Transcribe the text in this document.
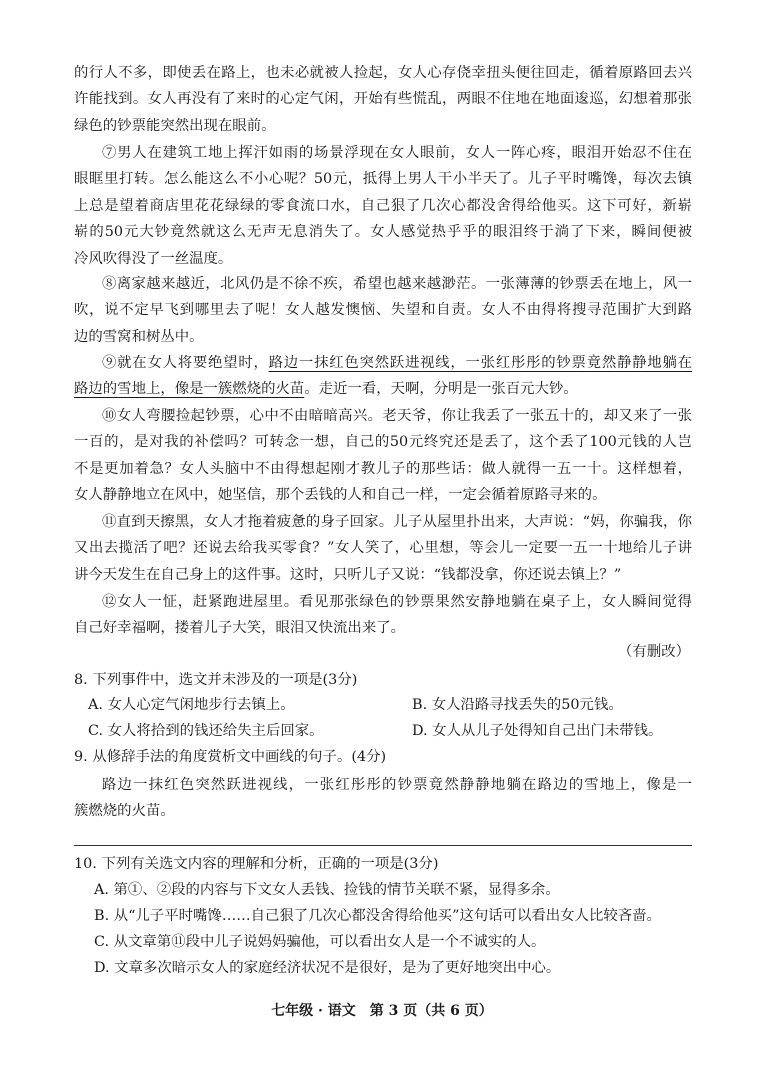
的行人不多，即使丢在路上，也未必就被人捡起，女人心存侥幸扭头便往回走，循着原路回去兴
许能找到。女人再没有了来时的心定气闲，开始有些慌乱，两眼不住地在地面逡巡，幻想着那张
绿色的钞票能突然出现在眼前。
⑦男人在建筑工地上挥汗如雨的场景浮现在女人眼前，女人一阵心疼，眼泪开始忍不住在
眼眶里打转。怎么能这么不小心呢？50元，抵得上男人干小半天了。儿子平时嘴馋，每次去镇
上总是望着商店里花花绿绿的零食流口水，自己狠了几次心都没舍得给他买。这下可好，新崭
崭的50元大钞竟然就这么无声无息消失了。女人感觉热乎乎的眼泪终于淌了下来，瞬间便被
冷风吹得没了一丝温度。
⑧离家越来越近，北风仍是不徐不疾，希望也越来越渺茫。一张薄薄的钞票丢在地上，风一
吹，说不定早飞到哪里去了呢！女人越发懊恼、失望和自责。女人不由得将搜寻范围扩大到路
边的雪窝和树丛中。
⑨就在女人将要绝望时，路边一抹红色突然跃进视线，一张红彤彤的钞票竟然静静地躺在
路边的雪地上，像是一簇燃烧的火苗。走近一看，天啊，分明是一张百元大钞。
⑩女人弯腰捡起钞票，心中不由暗暗高兴。老天爷，你让我丢了一张五十的，却又来了一张
一百的，是对我的补偿吗？可转念一想，自己的50元终究还是丢了，这个丢了100元钱的人岂
不是更加着急？女人头脑中不由得想起刚才教儿子的那些话：做人就得一五一十。这样想着，
女人静静地立在风中，她坚信，那个丢钱的人和自己一样，一定会循着原路寻来的。
⑪直到天擦黑，女人才拖着疲惫的身子回家。儿子从屋里扑出来，大声说：“妈，你骗我，你
又出去揽活了吧？还说去给我买零食？”女人笑了，心里想，等会儿一定要一五一十地给儿子讲
讲今天发生在自己身上的这件事。这时，只听儿子又说：“钱都没拿，你还说去镇上？”
⑫女人一怔，赶紧跑进屋里。看见那张绿色的钞票果然安静地躺在桌子上，女人瞬间觉得
自己好幸福啊，搂着儿子大笑，眼泪又快流出来了。
（有删改）
8. 下列事件中，选文并未涉及的一项是(3分)
A. 女人心定气闲地步行去镇上。	B. 女人沿路寻找丢失的50元钱。
C. 女人将拾到的钱还给失主后回家。	D. 女人从儿子处得知自己出门未带钱。
9. 从修辞手法的角度赏析文中画线的句子。(4分)
路边一抹红色突然跃进视线，一张红彤彤的钞票竟然静静地躺在路边的雪地上，像是一
簇燃烧的火苗。
10. 下列有关选文内容的理解和分析，正确的一项是(3分)
A. 第①、②段的内容与下文女人丢钱、捡钱的情节关联不紧，显得多余。
B. 从“儿子平时嘴馋……自己狠了几次心都没舍得给他买”这句话可以看出女人比较吝啬。
C. 从文章第⑪段中儿子说妈妈骗他，可以看出女人是一个不诚实的人。
D. 文章多次暗示女人的家庭经济状况不是很好，是为了更好地突出中心。
七年级 · 语文　第 3 页（共 6 页）
